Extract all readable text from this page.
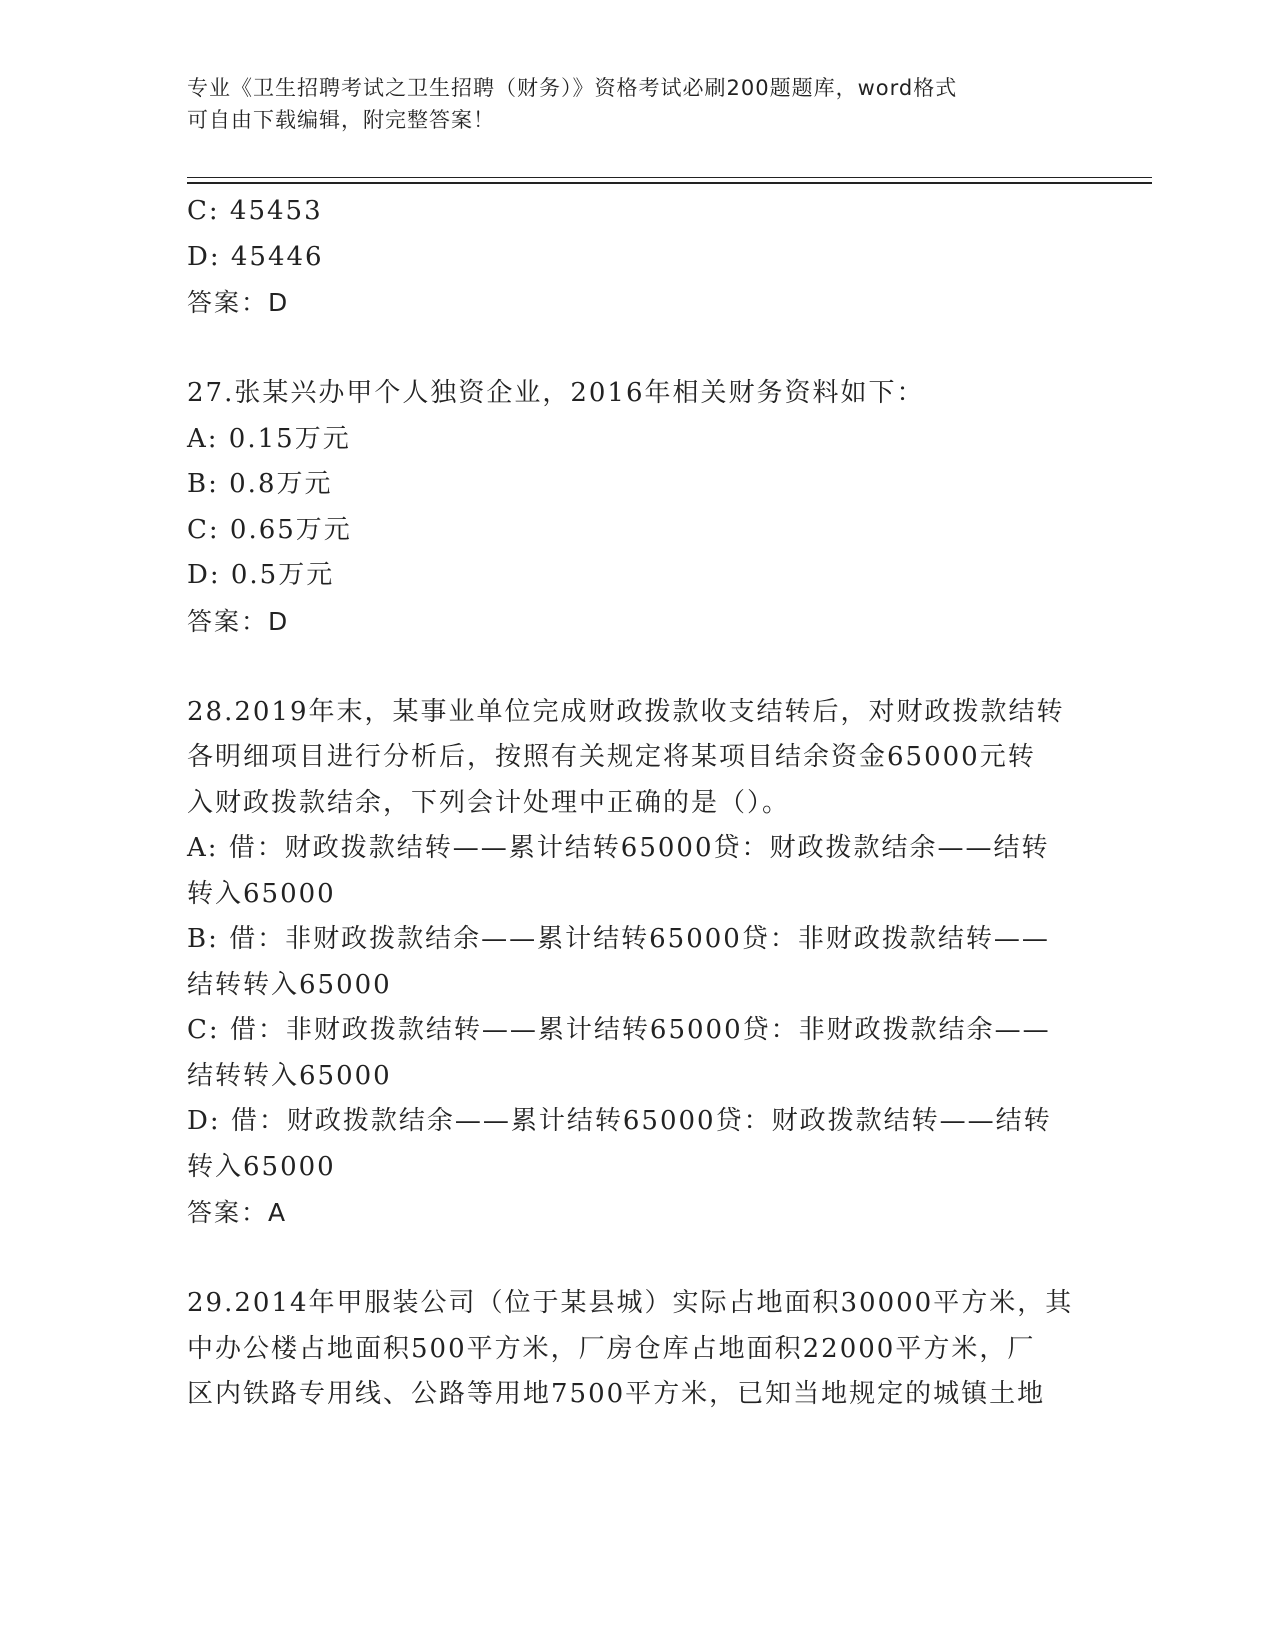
专业《卫生招聘考试之卫生招聘（财务）》资格考试必刷200题题库，word格式
可自由下载编辑，附完整答案！

C: 45453

D: 45446

答案：D

27.张某兴办甲个人独资企业，2016年相关财务资料如下：

A: 0.15万元

B: 0.8万元

C: 0.65万元

D: 0.5万元

答案：D

28.2019年末，某事业单位完成财政拨款收支结转后，对财政拨款结转

各明细项目进行分析后，按照有关规定将某项目结余资金65000元转

入财政拨款结余，下列会计处理中正确的是（）。

A: 借：财政拨款结转——累计结转65000贷：财政拨款结余——结转

转入65000

B: 借：非财政拨款结余——累计结转65000贷：非财政拨款结转——

结转转入65000

C: 借：非财政拨款结转——累计结转65000贷：非财政拨款结余——

结转转入65000

D: 借：财政拨款结余——累计结转65000贷：财政拨款结转——结转

转入65000

答案：A

29.2014年甲服装公司（位于某县城）实际占地面积30000平方米，其

中办公楼占地面积500平方米，厂房仓库占地面积22000平方米，厂

区内铁路专用线、公路等用地7500平方米，已知当地规定的城镇土地
